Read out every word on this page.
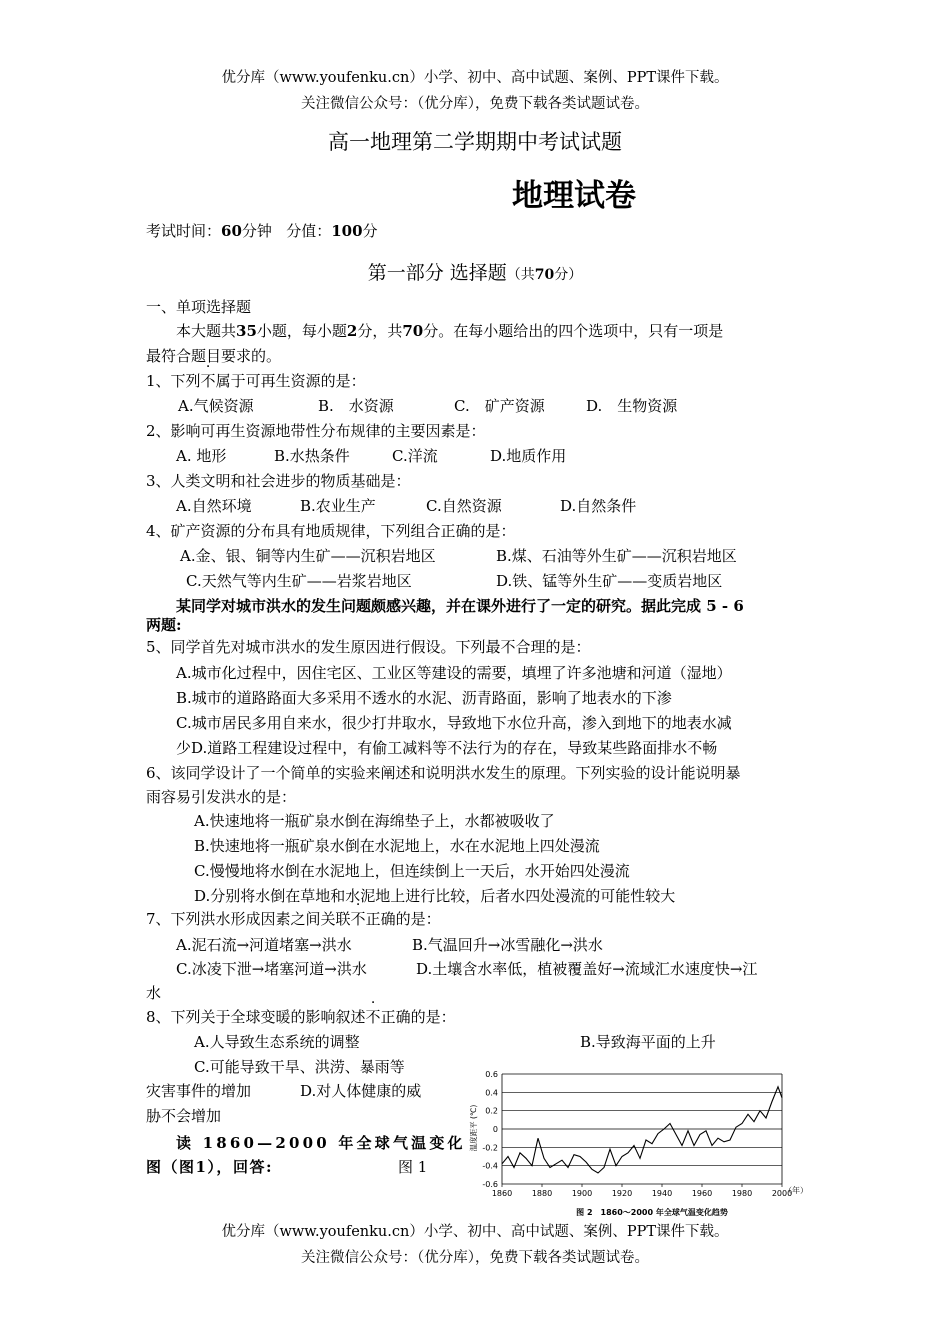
优分库（www.youfenku.cn）小学、初中、高中试题、案例、PPT课件下载。
关注微信公众号：（优分库），免费下载各类试题试卷。
高一地理第二学期期中考试试题
地理试卷
考试时间：60分钟 分值：100分
第一部分 选择题（共70分）
一、单项选择题
本大题共35小题，每小题2分，共70分。在每小题给出的四个选项中，只有一项是
最符合题目要求的。
1、下列不属于可再生资源的是：
A.气候资源	B.　水资源	C.　矿产资源	D.　生物资源
2、影响可再生资源地带性分布规律的主要因素是：
A. 地形	B.水热条件	C.洋流	D.地质作用
3、人类文明和社会进步的物质基础是：
A.自然环境	B.农业生产	C.自然资源	D.自然条件
4、矿产资源的分布具有地质规律，下列组合正确的是：
A.金、银、铜等内生矿——沉积岩地区	B.煤、石油等外生矿——沉积岩地区
C.天然气等内生矿——岩浆岩地区	D.铁、锰等外生矿——变质岩地区
某同学对城市洪水的发生问题颇感兴趣，并在课外进行了一定的研究。据此完成 5 - 6
两题:
5、同学首先对城市洪水的发生原因进行假设。下列最不合理的是：
A.城市化过程中，因住宅区、工业区等建设的需要，填埋了许多池塘和河道（湿地）
B.城市的道路路面大多采用不透水的水泥、沥青路面，影响了地表水的下渗
C.城市居民多用自来水，很少打井取水，导致地下水位升高，渗入到地下的地表水减
少D.道路工程建设过程中，有偷工减料等不法行为的存在，导致某些路面排水不畅
6、该同学设计了一个简单的实验来阐述和说明洪水发生的原理。下列实验的设计能说明暴
雨容易引发洪水的是：
A.快速地将一瓶矿泉水倒在海绵垫子上，水都被吸收了
B.快速地将一瓶矿泉水倒在水泥地上，水在水泥地上四处漫流
C.慢慢地将水倒在水泥地上，但连续倒上一天后，水开始四处漫流
D.分别将水倒在草地和水泥地上进行比较，后者水四处漫流的可能性较大
7、下列洪水形成因素之间关联不正确的是：
A.泥石流→河道堵塞→洪水	B.气温回升→冰雪融化→洪水
C.冰凌下泄→堵塞河道→洪水	D.土壤含水率低，植被覆盖好→流域汇水速度快→江
水
8、下列关于全球变暖的影响叙述不正确的是：
A.人导致生态系统的调整	B.导致海平面的上升
C.可能导致干旱、洪涝、暴雨等
灾害事件的增加	D.对人体健康的威
胁不会增加
读 1860—2000 年全球气温变化
图（图1），回答:	图 1
1860 1880 1900 1920 1940 1960 1980 2000
0.6
0.4
0.2
0
-0.2
-0.4
-0.6
温度距平 (℃)
（年）
图 2　1860～2000 年全球气温变化趋势
优分库（www.youfenku.cn）小学、初中、高中试题、案例、PPT课件下载。
关注微信公众号：（优分库），免费下载各类试题试卷。
